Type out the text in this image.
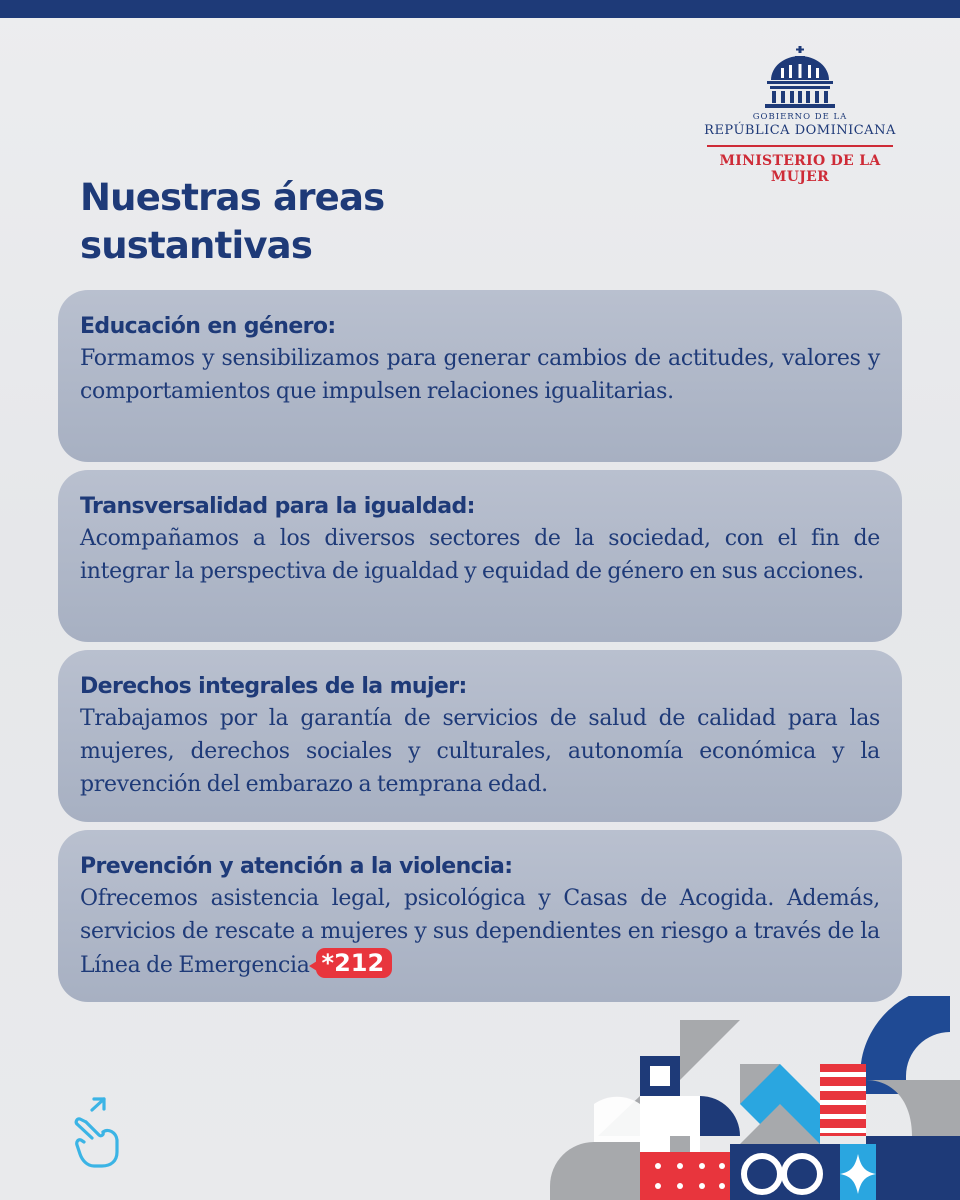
GOBIERNO DE LA
REPÚBLICA DOMINICANA
MINISTERIO DE LA MUJER
Nuestras áreas
sustantivas
Educación en género:

Formamos y sensibilizamos para generar cambios de actitudes, valores y comportamientos que impulsen relaciones igualitarias.

Transversalidad para la igualdad:

Acompañamos a los diversos sectores de la sociedad, con el fin de integrar la perspectiva de igualdad y equidad de género en sus acciones.

Derechos integrales de la mujer:

Trabajamos por la garantía de servicios de salud de calidad para las mujeres, derechos sociales y culturales, autonomía económica y la prevención del embarazo a temprana edad.

Prevención y atención a la violencia:

Ofrecemos asistencia legal, psicológica y Casas de Acogida. Además, servicios de rescate a mujeres y sus dependientes en riesgo a través de la Línea de Emergencia *212
